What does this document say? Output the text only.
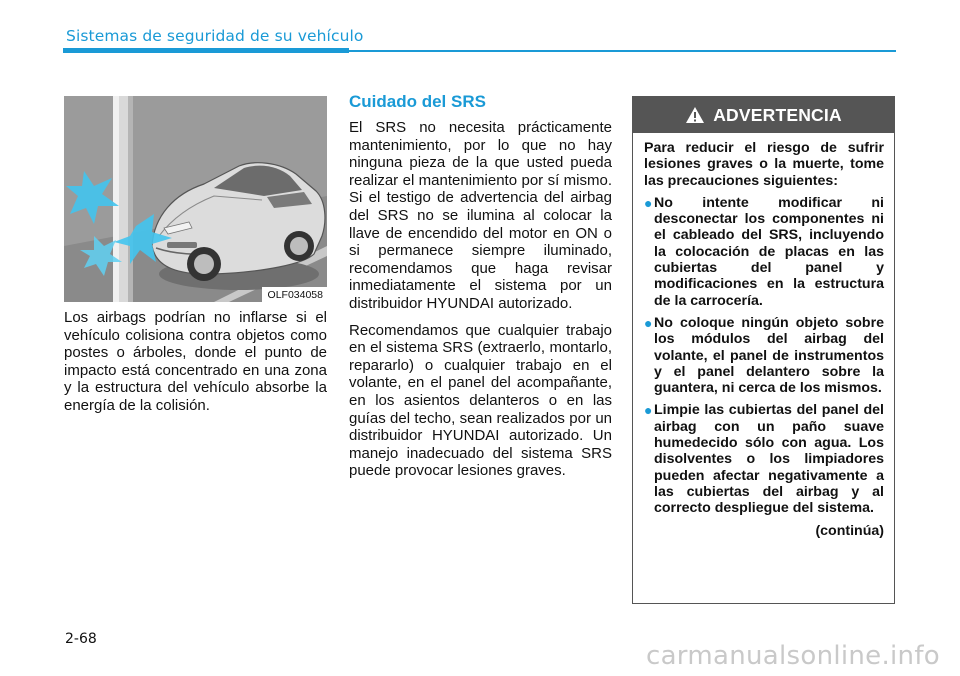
Sistemas de seguridad de su vehículo
OLF034058

Los airbags podrían no inflarse si el vehículo colisiona contra objetos como postes o árboles, donde el punto de impacto está concentrado en una zona y la estructura del vehículo absorbe la energía de la colisión.

Cuidado del SRS

El SRS no necesita prácticamente mantenimiento, por lo que no hay ninguna pieza de la que usted pueda realizar el mantenimiento por sí mismo. Si el testigo de advertencia del airbag del SRS no se ilumina al colocar la llave de encendido del motor en ON o si permanece siempre iluminado, recomendamos que haga revisar inmediatamente el sistema por un distribuidor HYUNDAI autorizado.

Recomendamos que cualquier trabajo en el sistema SRS (extraerlo, montarlo, repararlo) o cualquier trabajo en el volante, en el panel del acompañante, en los asientos delanteros o en las guías del techo, sean realizados por un distribuidor HYUNDAI autorizado. Un manejo inadecuado del sistema SRS puede provocar lesiones graves.

ADVERTENCIA

Para reducir el riesgo de sufrir lesiones graves o la muerte, tome las precauciones siguientes:

● No intente modificar ni desconectar los componentes ni el cableado del SRS, incluyendo la colocación de placas en las cubiertas del panel y modificaciones en la estructura de la carrocería.
● No coloque ningún objeto sobre los módulos del airbag del volante, el panel de instrumentos y el panel delantero sobre la guantera, ni cerca de los mismos.
● Limpie las cubiertas del panel del airbag con un paño suave humedecido sólo con agua. Los disolventes o los limpiadores pueden afectar negativamente a las cubiertas del airbag y al correcto despliegue del sistema.

(continúa)

2-68
carmanualsonline.info
